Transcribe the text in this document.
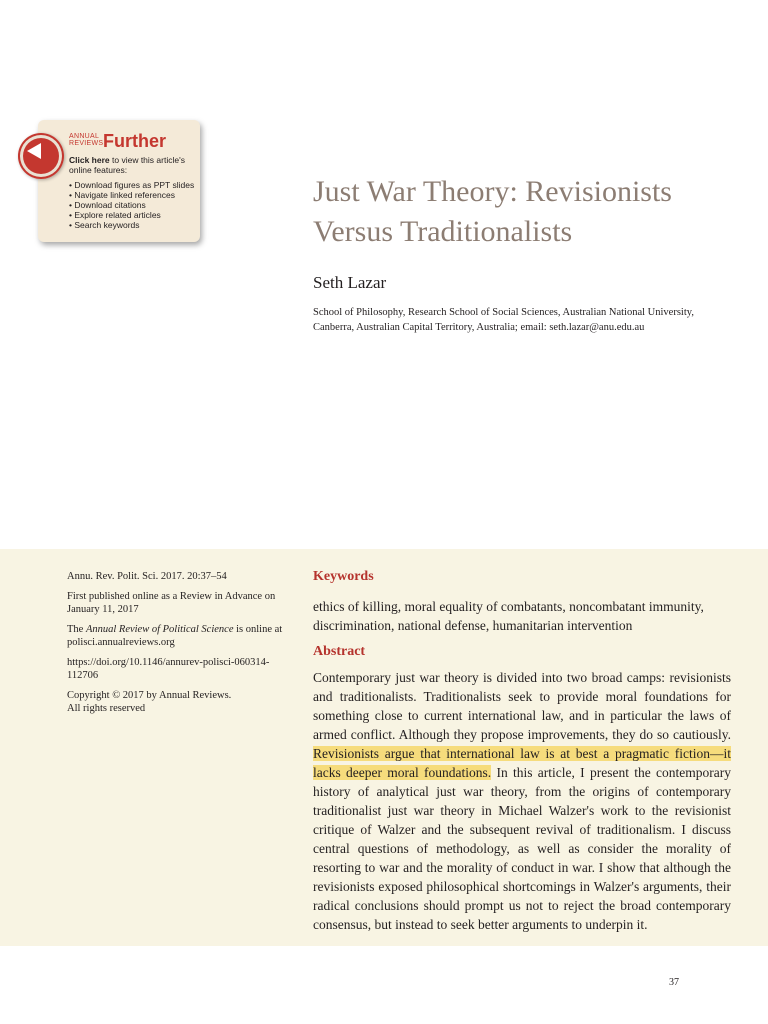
ANNUAL
REVIEWS Further
Click here to view this article's online features:
• Download figures as PPT slides
• Navigate linked references
• Download citations
• Explore related articles
• Search keywords
Just War Theory: Revisionists Versus Traditionalists
Seth Lazar
School of Philosophy, Research School of Social Sciences, Australian National University, Canberra, Australian Capital Territory, Australia; email: seth.lazar@anu.edu.au

Annu. Rev. Polit. Sci. 2017. 20:37–54

First published online as a Review in Advance on January 11, 2017

The Annual Review of Political Science is online at polisci.annualreviews.org

https://doi.org/10.1146/annurev-polisci-060314-112706

Copyright © 2017 by Annual Reviews.
All rights reserved

Keywords
ethics of killing, moral equality of combatants, noncombatant immunity, discrimination, national defense, humanitarian intervention
Abstract
Contemporary just war theory is divided into two broad camps: revisionists and traditionalists. Traditionalists seek to provide moral foundations for something close to current international law, and in particular the laws of armed conflict. Although they propose improvements, they do so cautiously. Revisionists argue that international law is at best a pragmatic fiction—it lacks deeper moral foundations. In this article, I present the contemporary history of analytical just war theory, from the origins of contemporary traditionalist just war theory in Michael Walzer's work to the revisionist critique of Walzer and the subsequent revival of traditionalism. I discuss central questions of methodology, as well as consider the morality of resorting to war and the morality of conduct in war. I show that although the revisionists exposed philosophical shortcomings in Walzer's arguments, their radical conclusions should prompt us not to reject the broad contemporary consensus, but instead to seek better arguments to underpin it.
37
